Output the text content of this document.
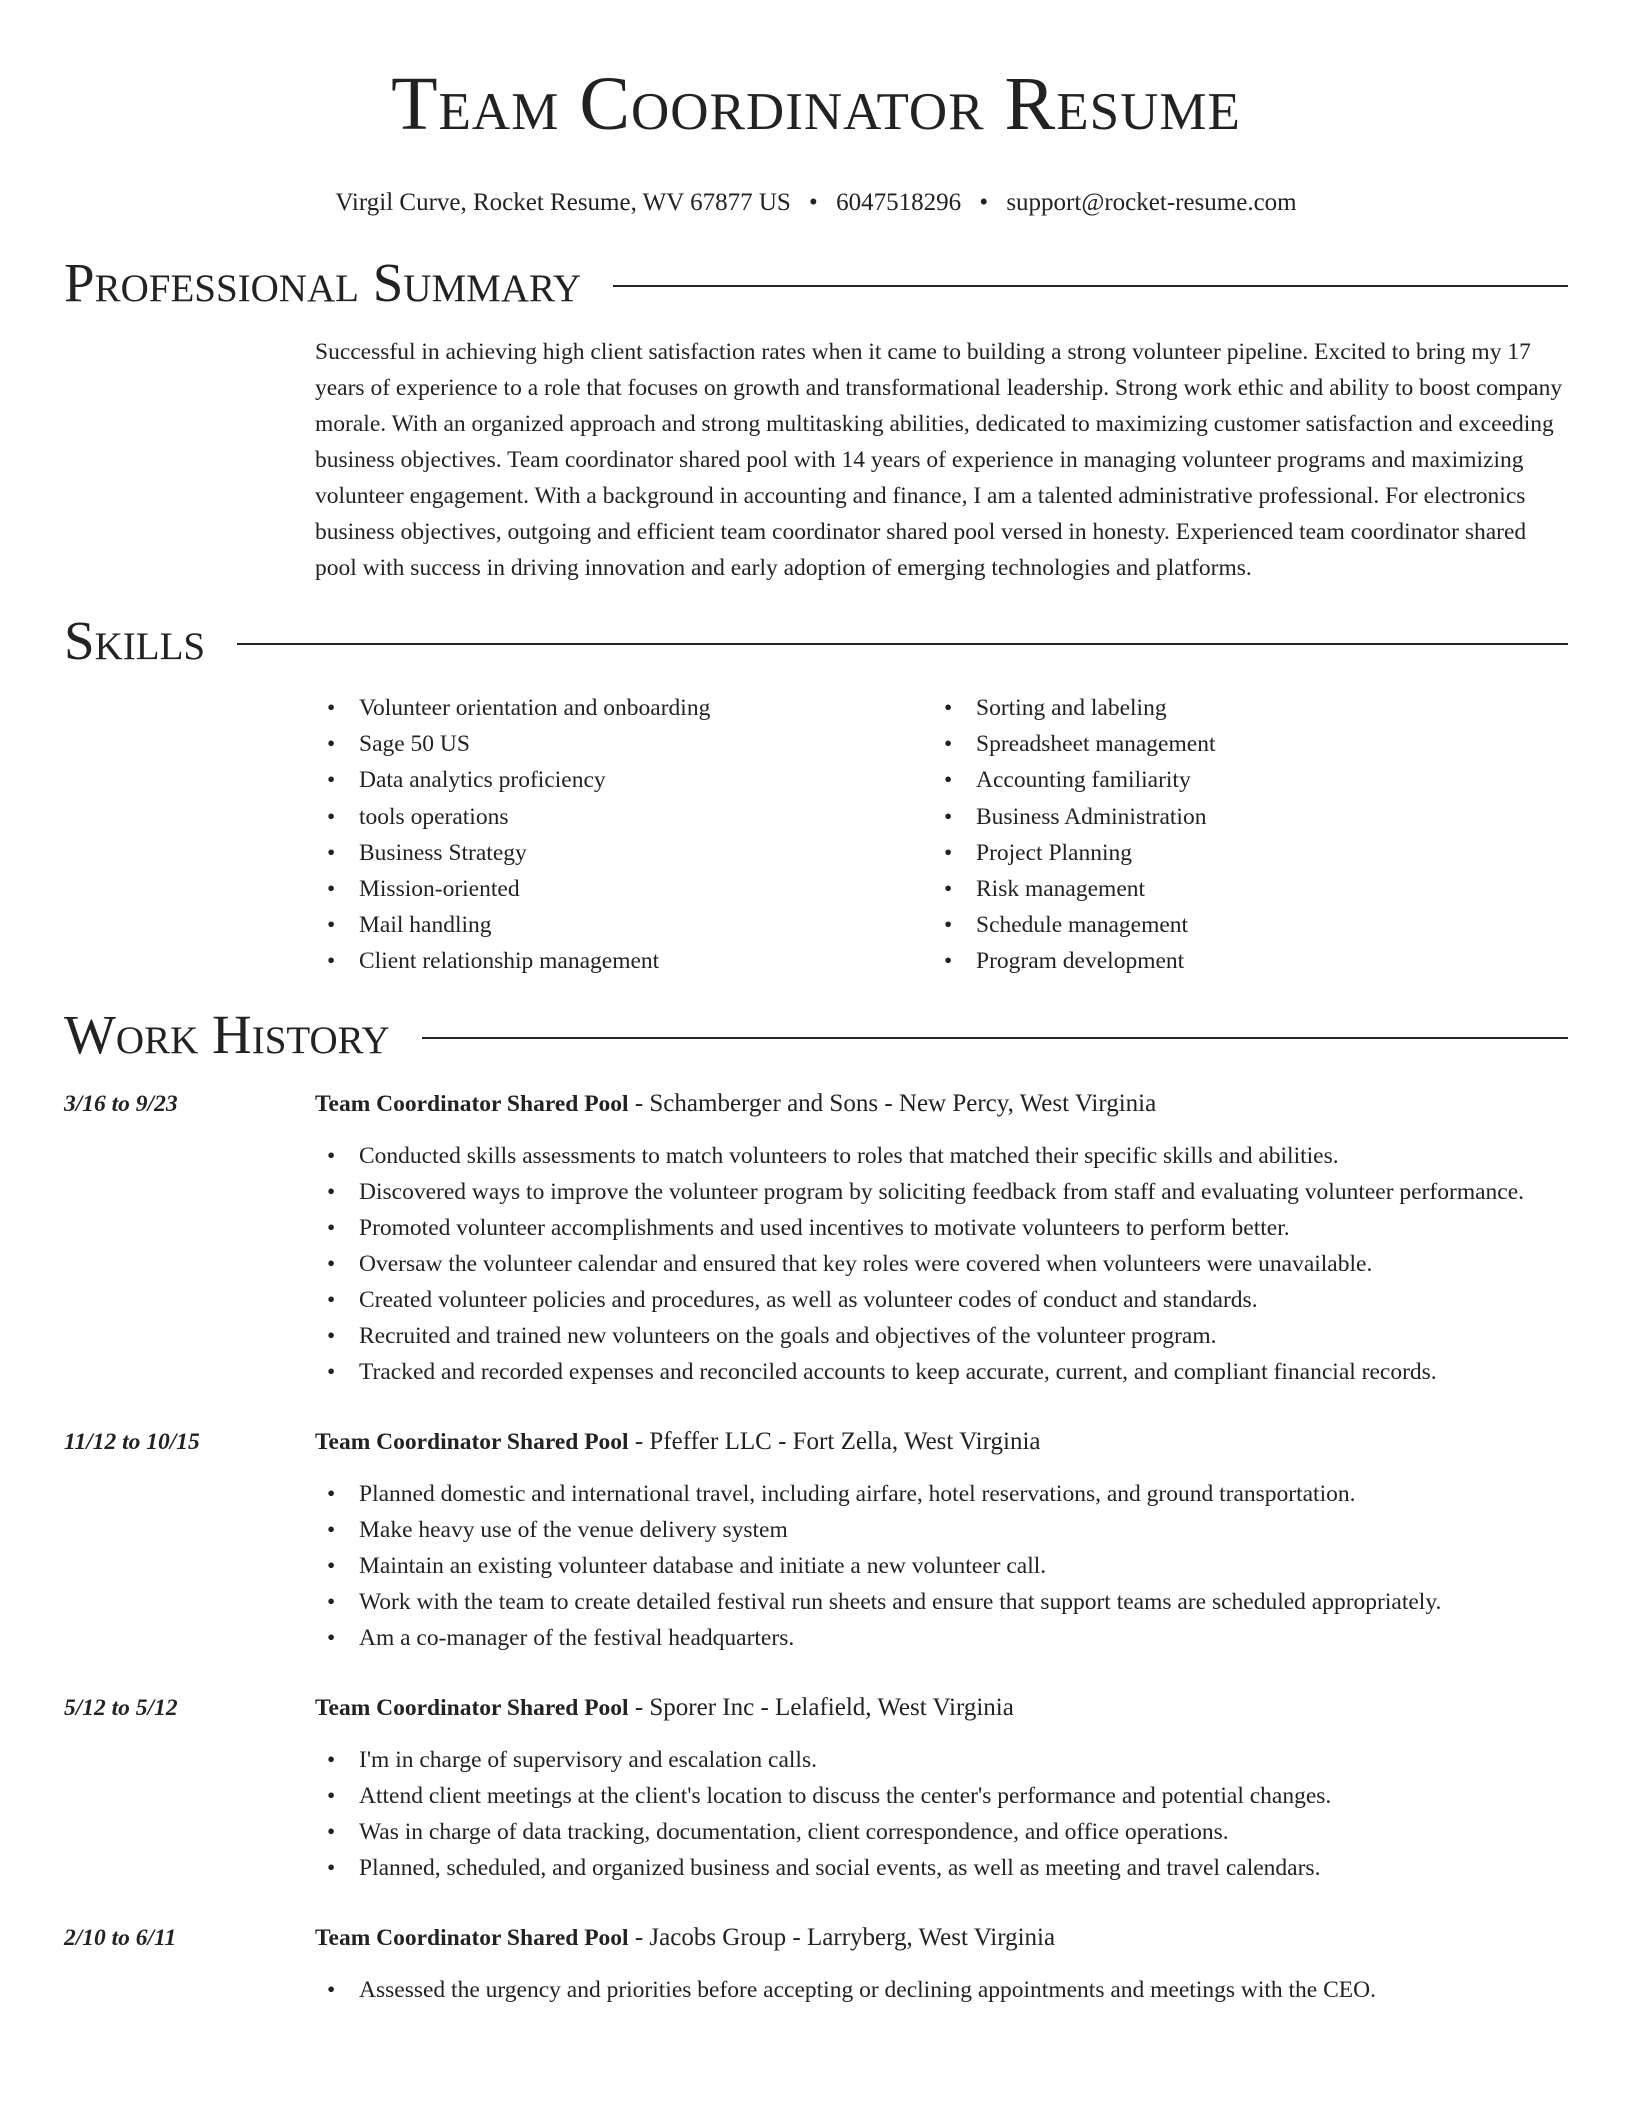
Team Coordinator Resume
Virgil Curve, Rocket Resume, WV 67877 US • 6047518296 • support@rocket-resume.com
Professional Summary
Successful in achieving high client satisfaction rates when it came to building a strong volunteer pipeline. Excited to bring my 17 years of experience to a role that focuses on growth and transformational leadership. Strong work ethic and ability to boost company morale. With an organized approach and strong multitasking abilities, dedicated to maximizing customer satisfaction and exceeding business objectives. Team coordinator shared pool with 14 years of experience in managing volunteer programs and maximizing volunteer engagement. With a background in accounting and finance, I am a talented administrative professional. For electronics business objectives, outgoing and efficient team coordinator shared pool versed in honesty. Experienced team coordinator shared pool with success in driving innovation and early adoption of emerging technologies and platforms.
Skills
• Volunteer orientation and onboarding
• Sage 50 US
• Data analytics proficiency
• tools operations
• Business Strategy
• Mission-oriented
• Mail handling
• Client relationship management
• Sorting and labeling
• Spreadsheet management
• Accounting familiarity
• Business Administration
• Project Planning
• Risk management
• Schedule management
• Program development
Work History
3/16 to 9/23	Team Coordinator Shared Pool - Schamberger and Sons - New Percy, West Virginia
• Conducted skills assessments to match volunteers to roles that matched their specific skills and abilities.
• Discovered ways to improve the volunteer program by soliciting feedback from staff and evaluating volunteer performance.
• Promoted volunteer accomplishments and used incentives to motivate volunteers to perform better.
• Oversaw the volunteer calendar and ensured that key roles were covered when volunteers were unavailable.
• Created volunteer policies and procedures, as well as volunteer codes of conduct and standards.
• Recruited and trained new volunteers on the goals and objectives of the volunteer program.
• Tracked and recorded expenses and reconciled accounts to keep accurate, current, and compliant financial records.
11/12 to 10/15	Team Coordinator Shared Pool - Pfeffer LLC - Fort Zella, West Virginia
• Planned domestic and international travel, including airfare, hotel reservations, and ground transportation.
• Make heavy use of the venue delivery system
• Maintain an existing volunteer database and initiate a new volunteer call.
• Work with the team to create detailed festival run sheets and ensure that support teams are scheduled appropriately.
• Am a co-manager of the festival headquarters.
5/12 to 5/12	Team Coordinator Shared Pool - Sporer Inc - Lelafield, West Virginia
• I'm in charge of supervisory and escalation calls.
• Attend client meetings at the client's location to discuss the center's performance and potential changes.
• Was in charge of data tracking, documentation, client correspondence, and office operations.
• Planned, scheduled, and organized business and social events, as well as meeting and travel calendars.
2/10 to 6/11	Team Coordinator Shared Pool - Jacobs Group - Larryberg, West Virginia
• Assessed the urgency and priorities before accepting or declining appointments and meetings with the CEO.
